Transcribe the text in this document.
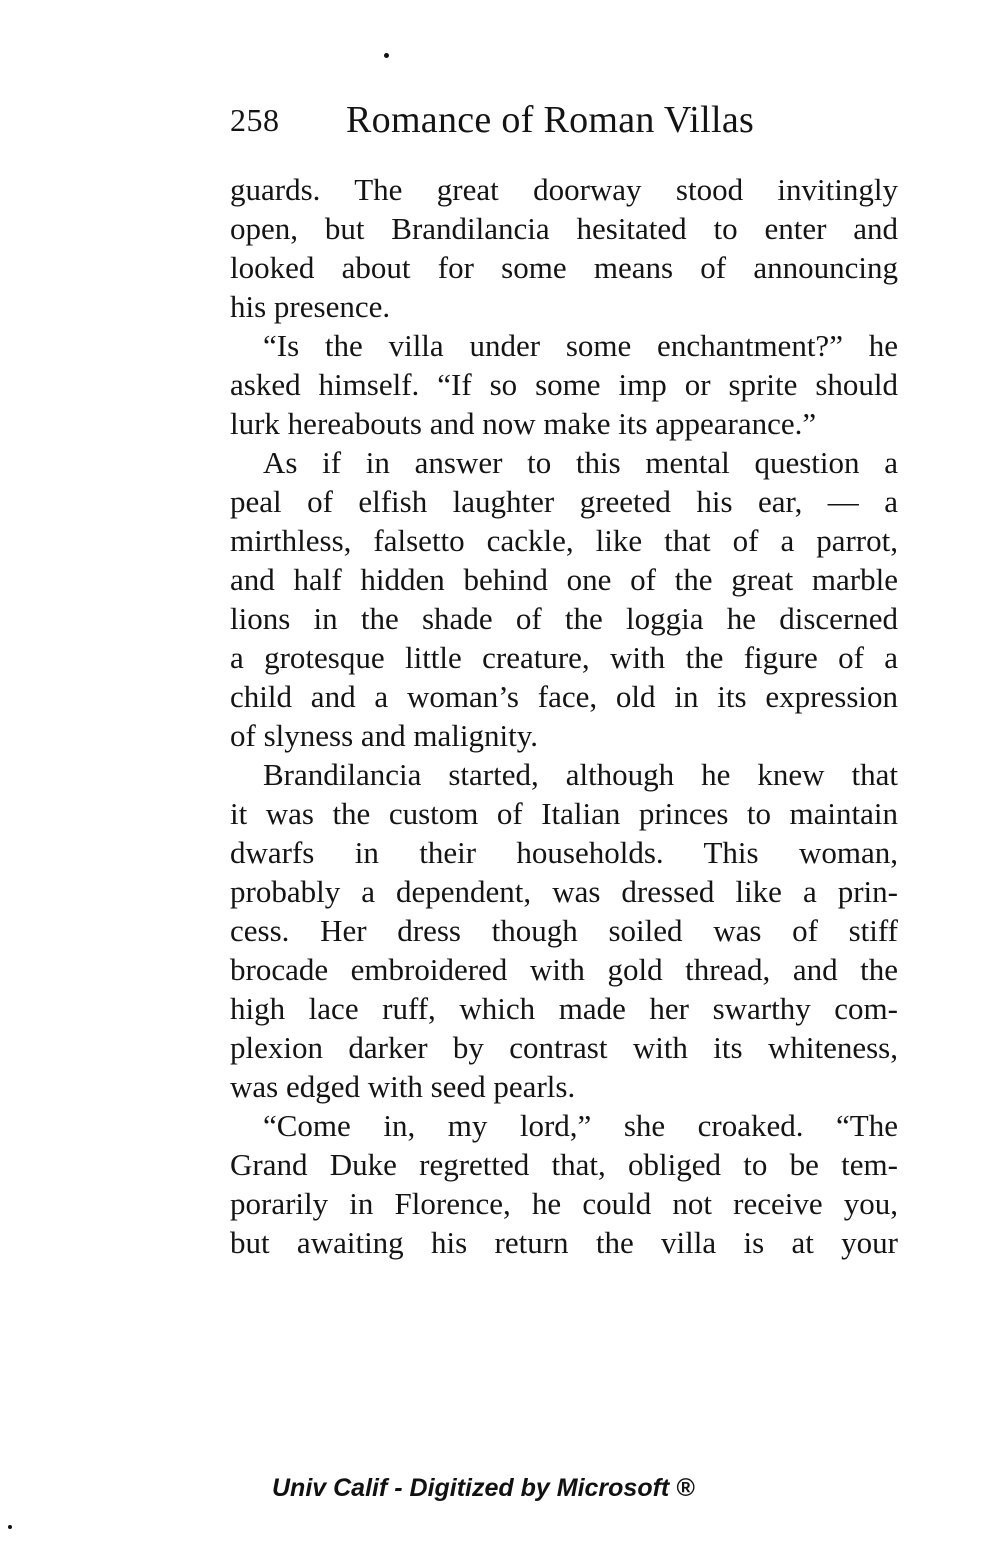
258 Romance of Roman Villas
guards. The great doorway stood invitingly
open, but Brandilancia hesitated to enter and
looked about for some means of announcing
his presence.
“Is the villa under some enchantment?” he
asked himself. “If so some imp or sprite should
lurk hereabouts and now make its appearance.”
As if in answer to this mental question a
peal of elfish laughter greeted his ear, — a
mirthless, falsetto cackle, like that of a parrot,
and half hidden behind one of the great marble
lions in the shade of the loggia he discerned
a grotesque little creature, with the figure of a
child and a woman’s face, old in its expression
of slyness and malignity.
Brandilancia started, although he knew that
it was the custom of Italian princes to maintain
dwarfs in their households. This woman,
probably a dependent, was dressed like a prin-
cess. Her dress though soiled was of stiff
brocade embroidered with gold thread, and the
high lace ruff, which made her swarthy com-
plexion darker by contrast with its whiteness,
was edged with seed pearls.
“Come in, my lord,” she croaked. “The
Grand Duke regretted that, obliged to be tem-
porarily in Florence, he could not receive you,
but awaiting his return the villa is at your
Univ Calif - Digitized by Microsoft ®
